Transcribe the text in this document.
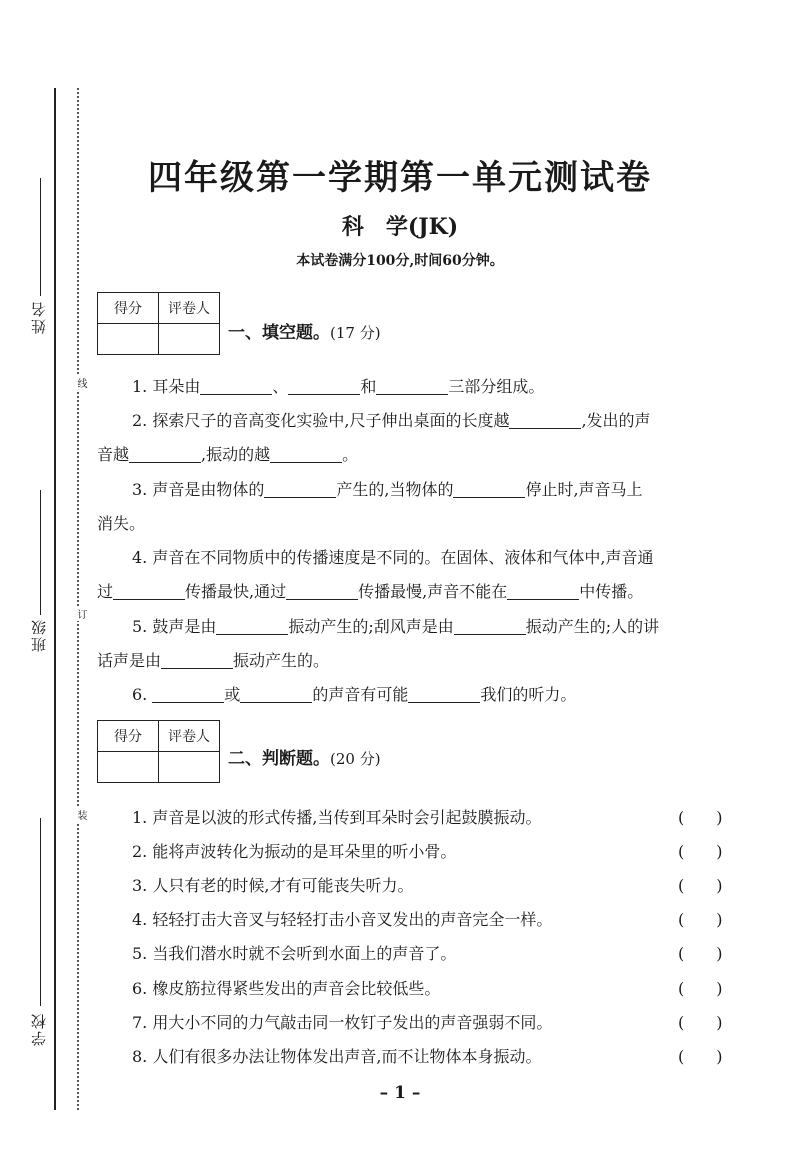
姓名
班级
学校
线
订
装
四年级第一学期第一单元测试卷
科　学(JK)
本试卷满分100分,时间60分钟。
得分	评卷人

一、填空题。(17 分)
1. 耳朵由	、	和	三部分组成。
2. 探索尺子的音高变化实验中,尺子伸出桌面的长度越	,发出的声
音越	,振动的越	。
3. 声音是由物体的	产生的,当物体的	停止时,声音马上
消失。
4. 声音在不同物质中的传播速度是不同的。在固体、液体和气体中,声音通
过	传播最快,通过	传播最慢,声音不能在	中传播。
5. 鼓声是由	振动产生的;刮风声是由	振动产生的;人的讲
话声是由	振动产生的。
6.	或	的声音有可能	我们的听力。
得分	评卷人

二、判断题。(20 分)
1. 声音是以波的形式传播,当传到耳朵时会引起鼓膜振动。	(　　)
2. 能将声波转化为振动的是耳朵里的听小骨。	(　　)
3. 人只有老的时候,才有可能丧失听力。	(　　)
4. 轻轻打击大音叉与轻轻打击小音叉发出的声音完全一样。	(　　)
5. 当我们潜水时就不会听到水面上的声音了。	(　　)
6. 橡皮筋拉得紧些发出的声音会比较低些。	(　　)
7. 用大小不同的力气敲击同一枚钉子发出的声音强弱不同。	(　　)
8. 人们有很多办法让物体发出声音,而不让物体本身振动。	(　　)
– 1 –
